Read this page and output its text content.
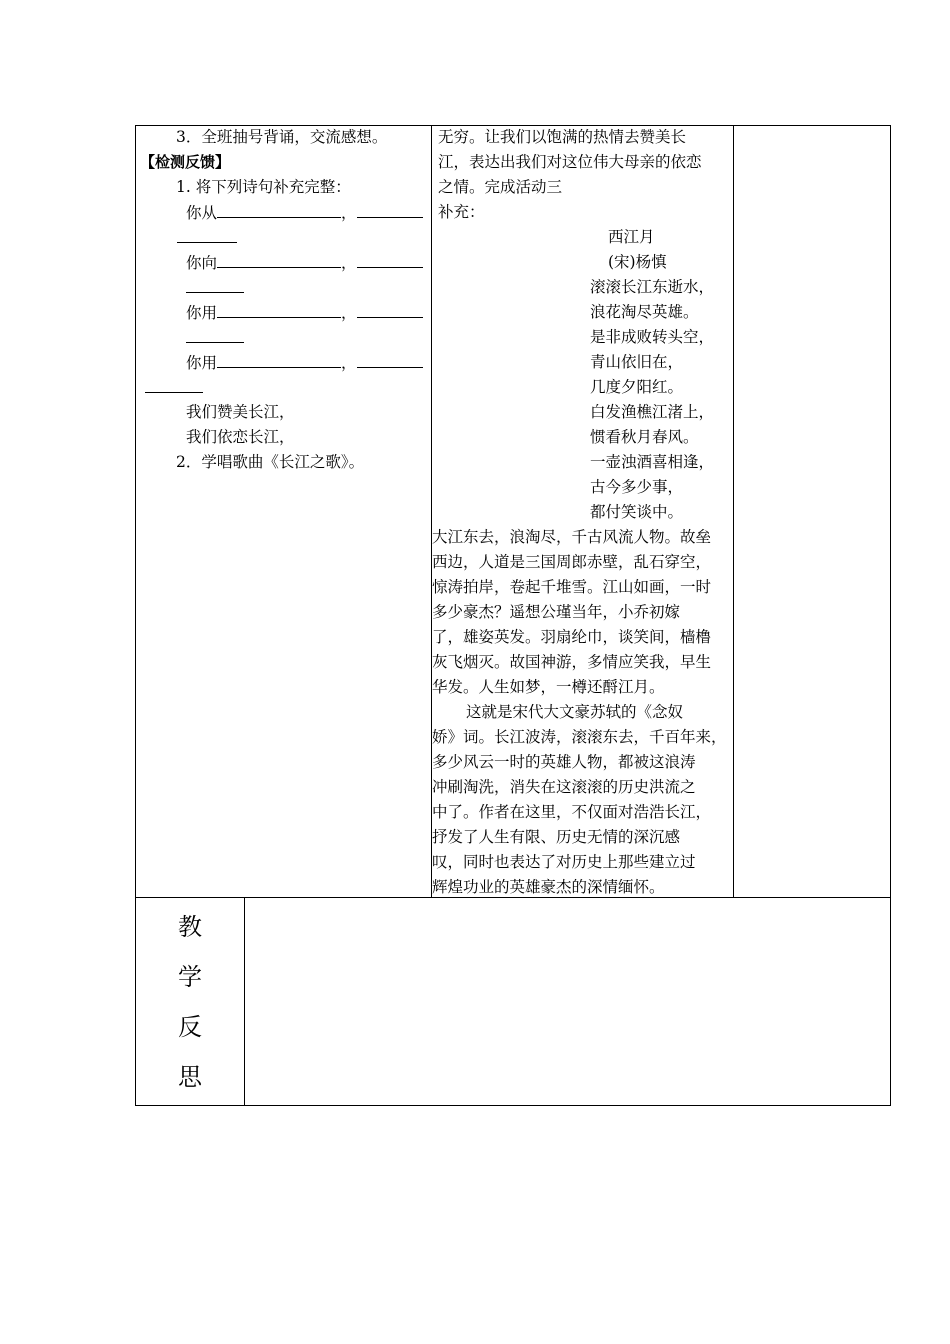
3．全班抽号背诵，交流感想。
【检测反馈】
1. 将下列诗句补充完整：
你从	，
你向	，
你用	，
你用	，
我们赞美长江，
我们依恋长江，
2．学唱歌曲《长江之歌》。
无穷。让我们以饱满的热情去赞美长
江，表达出我们对这位伟大母亲的依恋
之情。完成活动三
补充：
西江月
(宋)杨慎
滚滚长江东逝水，
浪花淘尽英雄。
是非成败转头空，
青山依旧在，
几度夕阳红。
白发渔樵江渚上，
惯看秋月春风。
一壶浊酒喜相逢，
古今多少事，
都付笑谈中。
大江东去，浪淘尽，千古风流人物。故垒
西边，人道是三国周郎赤壁，乱石穿空，
惊涛拍岸，卷起千堆雪。江山如画，一时
多少豪杰？遥想公瑾当年，小乔初嫁
了，雄姿英发。羽扇纶巾，谈笑间，樯橹
灰飞烟灭。故国神游，多情应笑我，早生
华发。人生如梦，一樽还酹江月。
这就是宋代大文豪苏轼的《念奴
娇》词。长江波涛，滚滚东去，千百年来，
多少风云一时的英雄人物，都被这浪涛
冲刷淘洗，消失在这滚滚的历史洪流之
中了。作者在这里，不仅面对浩浩长江，
抒发了人生有限、历史无情的深沉感
叹，同时也表达了对历史上那些建立过
辉煌功业的英雄豪杰的深情缅怀。
教
学
反
思
